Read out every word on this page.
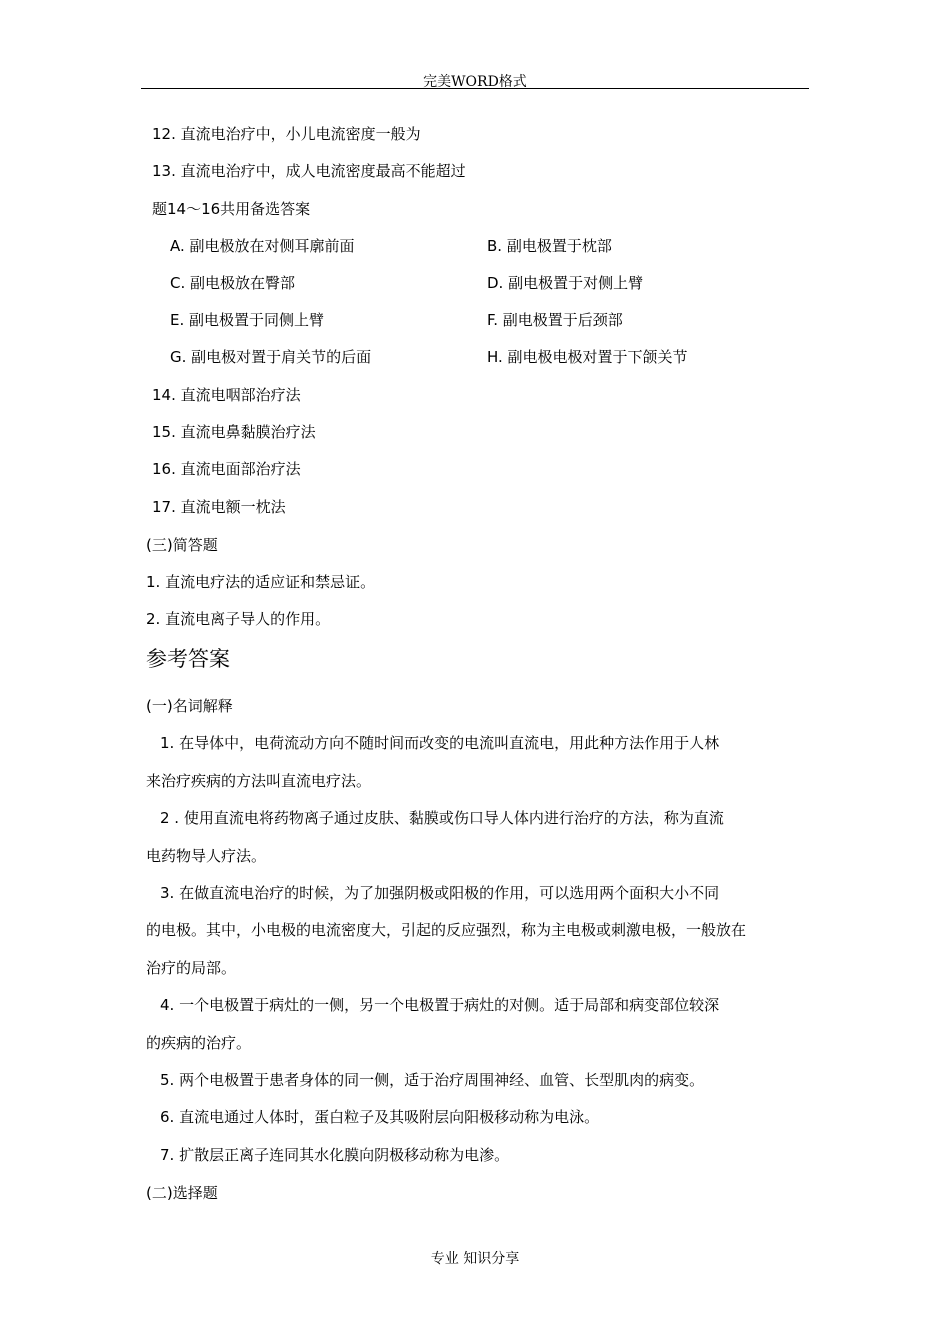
完美WORD格式
12. 直流电治疗中，小儿电流密度一般为
13. 直流电治疗中，成人电流密度最高不能超过
题14～16共用备选答案
A. 副电极放在对侧耳廓前面	B. 副电极置于枕部
C. 副电极放在臀部	D. 副电极置于对侧上臂
E. 副电极置于同侧上臂	F. 副电极置于后颈部
G. 副电极对置于肩关节的后面	H. 副电极电极对置于下颌关节
14. 直流电咽部治疗法
15. 直流电鼻黏膜治疗法
16. 直流电面部治疗法
17. 直流电额一枕法
(三)简答题
1. 直流电疗法的适应证和禁忌证。
2. 直流电离子导人的作用。
参考答案
(一)名词解释
1. 在导体中，电荷流动方向不随时间而改变的电流叫直流电，用此种方法作用于人林
来治疗疾病的方法叫直流电疗法。
2 . 使用直流电将药物离子通过皮肤、黏膜或伤口导人体内进行治疗的方法，称为直流
电药物导人疗法。
3. 在做直流电治疗的时候，为了加强阴极或阳极的作用，可以选用两个面积大小不同
的电极。其中，小电极的电流密度大，引起的反应强烈，称为主电极或刺激电极，一般放在
治疗的局部。
4. 一个电极置于病灶的一侧，另一个电极置于病灶的对侧。适于局部和病变部位较深
的疾病的治疗。
5. 两个电极置于患者身体的同一侧，适于治疗周围神经、血管、长型肌肉的病变。
6. 直流电通过人体时，蛋白粒子及其吸附层向阳极移动称为电泳。
7. 扩散层正离子连同其水化膜向阴极移动称为电渗。
(二)选择题
专业 知识分享
